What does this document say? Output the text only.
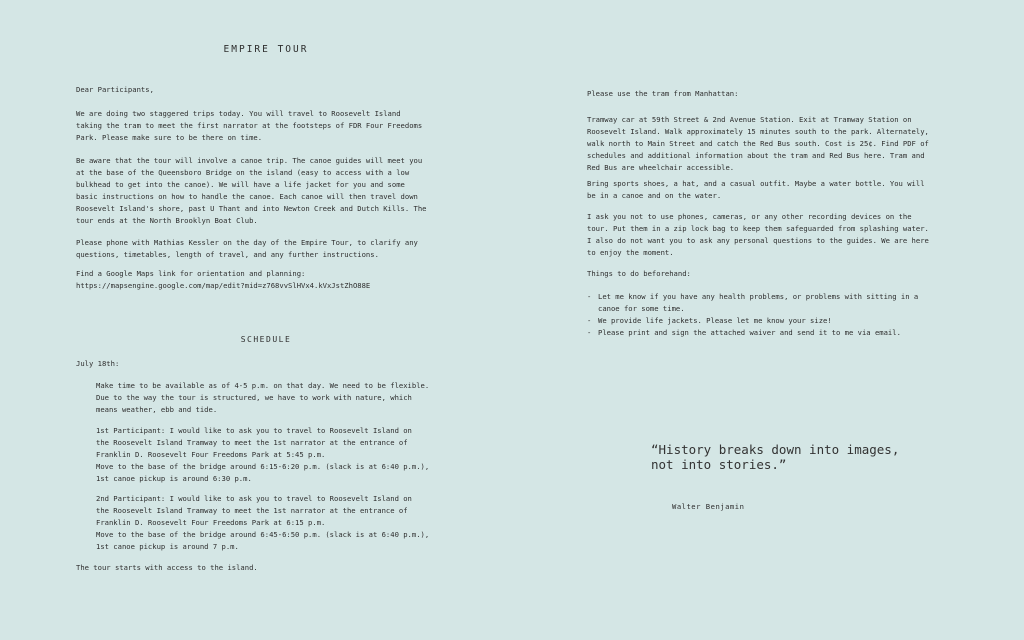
EMPIRE TOUR

Dear Participants,

We are doing two staggered trips today. You will travel to Roosevelt Island
taking the tram to meet the first narrator at the footsteps of FDR Four Freedoms
Park. Please make sure to be there on time.

Be aware that the tour will involve a canoe trip. The canoe guides will meet you
at the base of the Queensboro Bridge on the island (easy to access with a low
bulkhead to get into the canoe). We will have a life jacket for you and some
basic instructions on how to handle the canoe. Each canoe will then travel down
Roosevelt Island's shore, past U Thant and into Newton Creek and Dutch Kills. The
tour ends at the North Brooklyn Boat Club.

Please phone with Mathias Kessler on the day of the Empire Tour, to clarify any
questions, timetables, length of travel, and any further instructions.

Find a Google Maps link for orientation and planning:
https://mapsengine.google.com/map/edit?mid=z768vvSlHVx4.kVxJstZhO88E

SCHEDULE

July 18th:

Make time to be available as of 4-5 p.m. on that day. We need to be flexible.
Due to the way the tour is structured, we have to work with nature, which
means weather, ebb and tide.

1st Participant: I would like to ask you to travel to Roosevelt Island on
the Roosevelt Island Tramway to meet the 1st narrator at the entrance of
Franklin D. Roosevelt Four Freedoms Park at 5:45 p.m.
Move to the base of the bridge around 6:15-6:20 p.m. (slack is at 6:40 p.m.),
1st canoe pickup is around 6:30 p.m.

2nd Participant: I would like to ask you to travel to Roosevelt Island on
the Roosevelt Island Tramway to meet the 1st narrator at the entrance of
Franklin D. Roosevelt Four Freedoms Park at 6:15 p.m.
Move to the base of the bridge around 6:45-6:50 p.m. (slack is at 6:40 p.m.),
1st canoe pickup is around 7 p.m.

The tour starts with access to the island.

Please use the tram from Manhattan:

Tramway car at 59th Street & 2nd Avenue Station. Exit at Tramway Station on
Roosevelt Island. Walk approximately 15 minutes south to the park. Alternately,
walk north to Main Street and catch the Red Bus south. Cost is 25¢. Find PDF of
schedules and additional information about the tram and Red Bus here. Tram and
Red Bus are wheelchair accessible.

Bring sports shoes, a hat, and a casual outfit. Maybe a water bottle. You will
be in a canoe and on the water.

I ask you not to use phones, cameras, or any other recording devices on the
tour. Put them in a zip lock bag to keep them safeguarded from splashing water.
I also do not want you to ask any personal questions to the guides. We are here
to enjoy the moment.

Things to do beforehand:

- Let me know if you have any health problems, or problems with sitting in a
canoe for some time.
- We provide life jackets. Please let me know your size!
- Please print and sign the attached waiver and send it to me via email.
“History breaks down into images,
not into stories.”
Walter Benjamin
